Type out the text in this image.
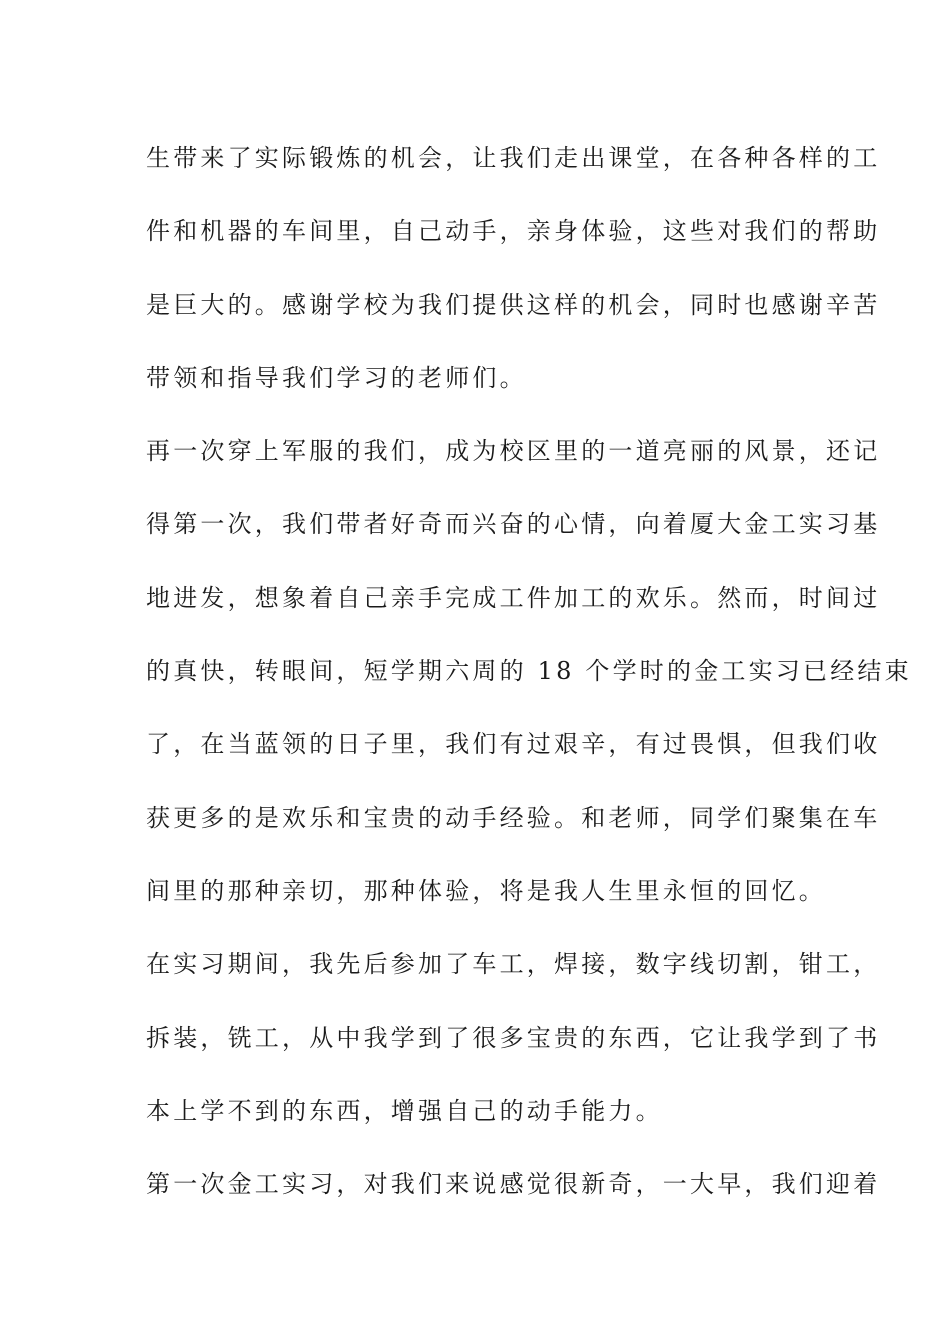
生带来了实际锻炼的机会，让我们走出课堂，在各种各样的工
件和机器的车间里，自己动手，亲身体验，这些对我们的帮助
是巨大的。感谢学校为我们提供这样的机会，同时也感谢辛苦
带领和指导我们学习的老师们。
再一次穿上军服的我们，成为校区里的一道亮丽的风景，还记
得第一次，我们带者好奇而兴奋的心情，向着厦大金工实习基
地进发，想象着自己亲手完成工件加工的欢乐。然而，时间过
的真快，转眼间，短学期六周的 18 个学时的金工实习已经结束
了，在当蓝领的日子里，我们有过艰辛，有过畏惧，但我们收
获更多的是欢乐和宝贵的动手经验。和老师，同学们聚集在车
间里的那种亲切，那种体验，将是我人生里永恒的回忆。
在实习期间，我先后参加了车工，焊接，数字线切割，钳工，
拆装，铣工，从中我学到了很多宝贵的东西，它让我学到了书
本上学不到的东西，增强自己的动手能力。
第一次金工实习，对我们来说感觉很新奇，一大早，我们迎着
